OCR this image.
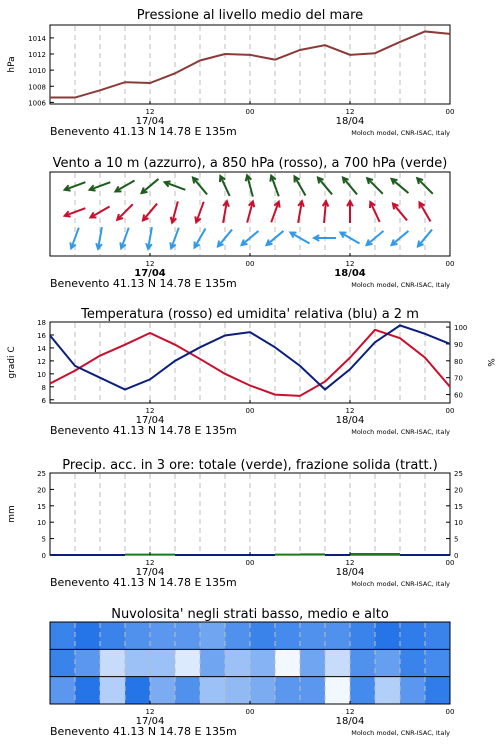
Pressione al livello medio del mare
1006
1008
1010
1012
1014
hPa
12	00	12	00
17/04	18/04
Benevento 41.13 N 14.78 E 135m	Moloch model, CNR-ISAC, Italy
Vento a 10 m (azzurro), a 850 hPa (rosso), a 700 hPa (verde)
12	00	12	00
17/04	18/04
Benevento 41.13 N 14.78 E 135m	Moloch model, CNR-ISAC, Italy
Temperatura (rosso) ed umidita' relativa (blu) a 2 m
6
8
10
12
14
16
18
60
70
80
90
100
gradi C	%
12	00	12	00
17/04	18/04
Benevento 41.13 N 14.78 E 135m	Moloch model, CNR-ISAC, Italy
Precip. acc. in 3 ore: totale (verde), frazione solida (tratt.)
0
5
10
15
20
25
0
5
10
15
20
25
mm
12	00	12	00
17/04	18/04
Benevento 41.13 N 14.78 E 135m	Moloch model, CNR-ISAC, Italy
Nuvolosita' negli strati basso, medio e alto
12	00	12	00
17/04	18/04
Benevento 41.13 N 14.78 E 135m	Moloch model, CNR-ISAC, Italy
